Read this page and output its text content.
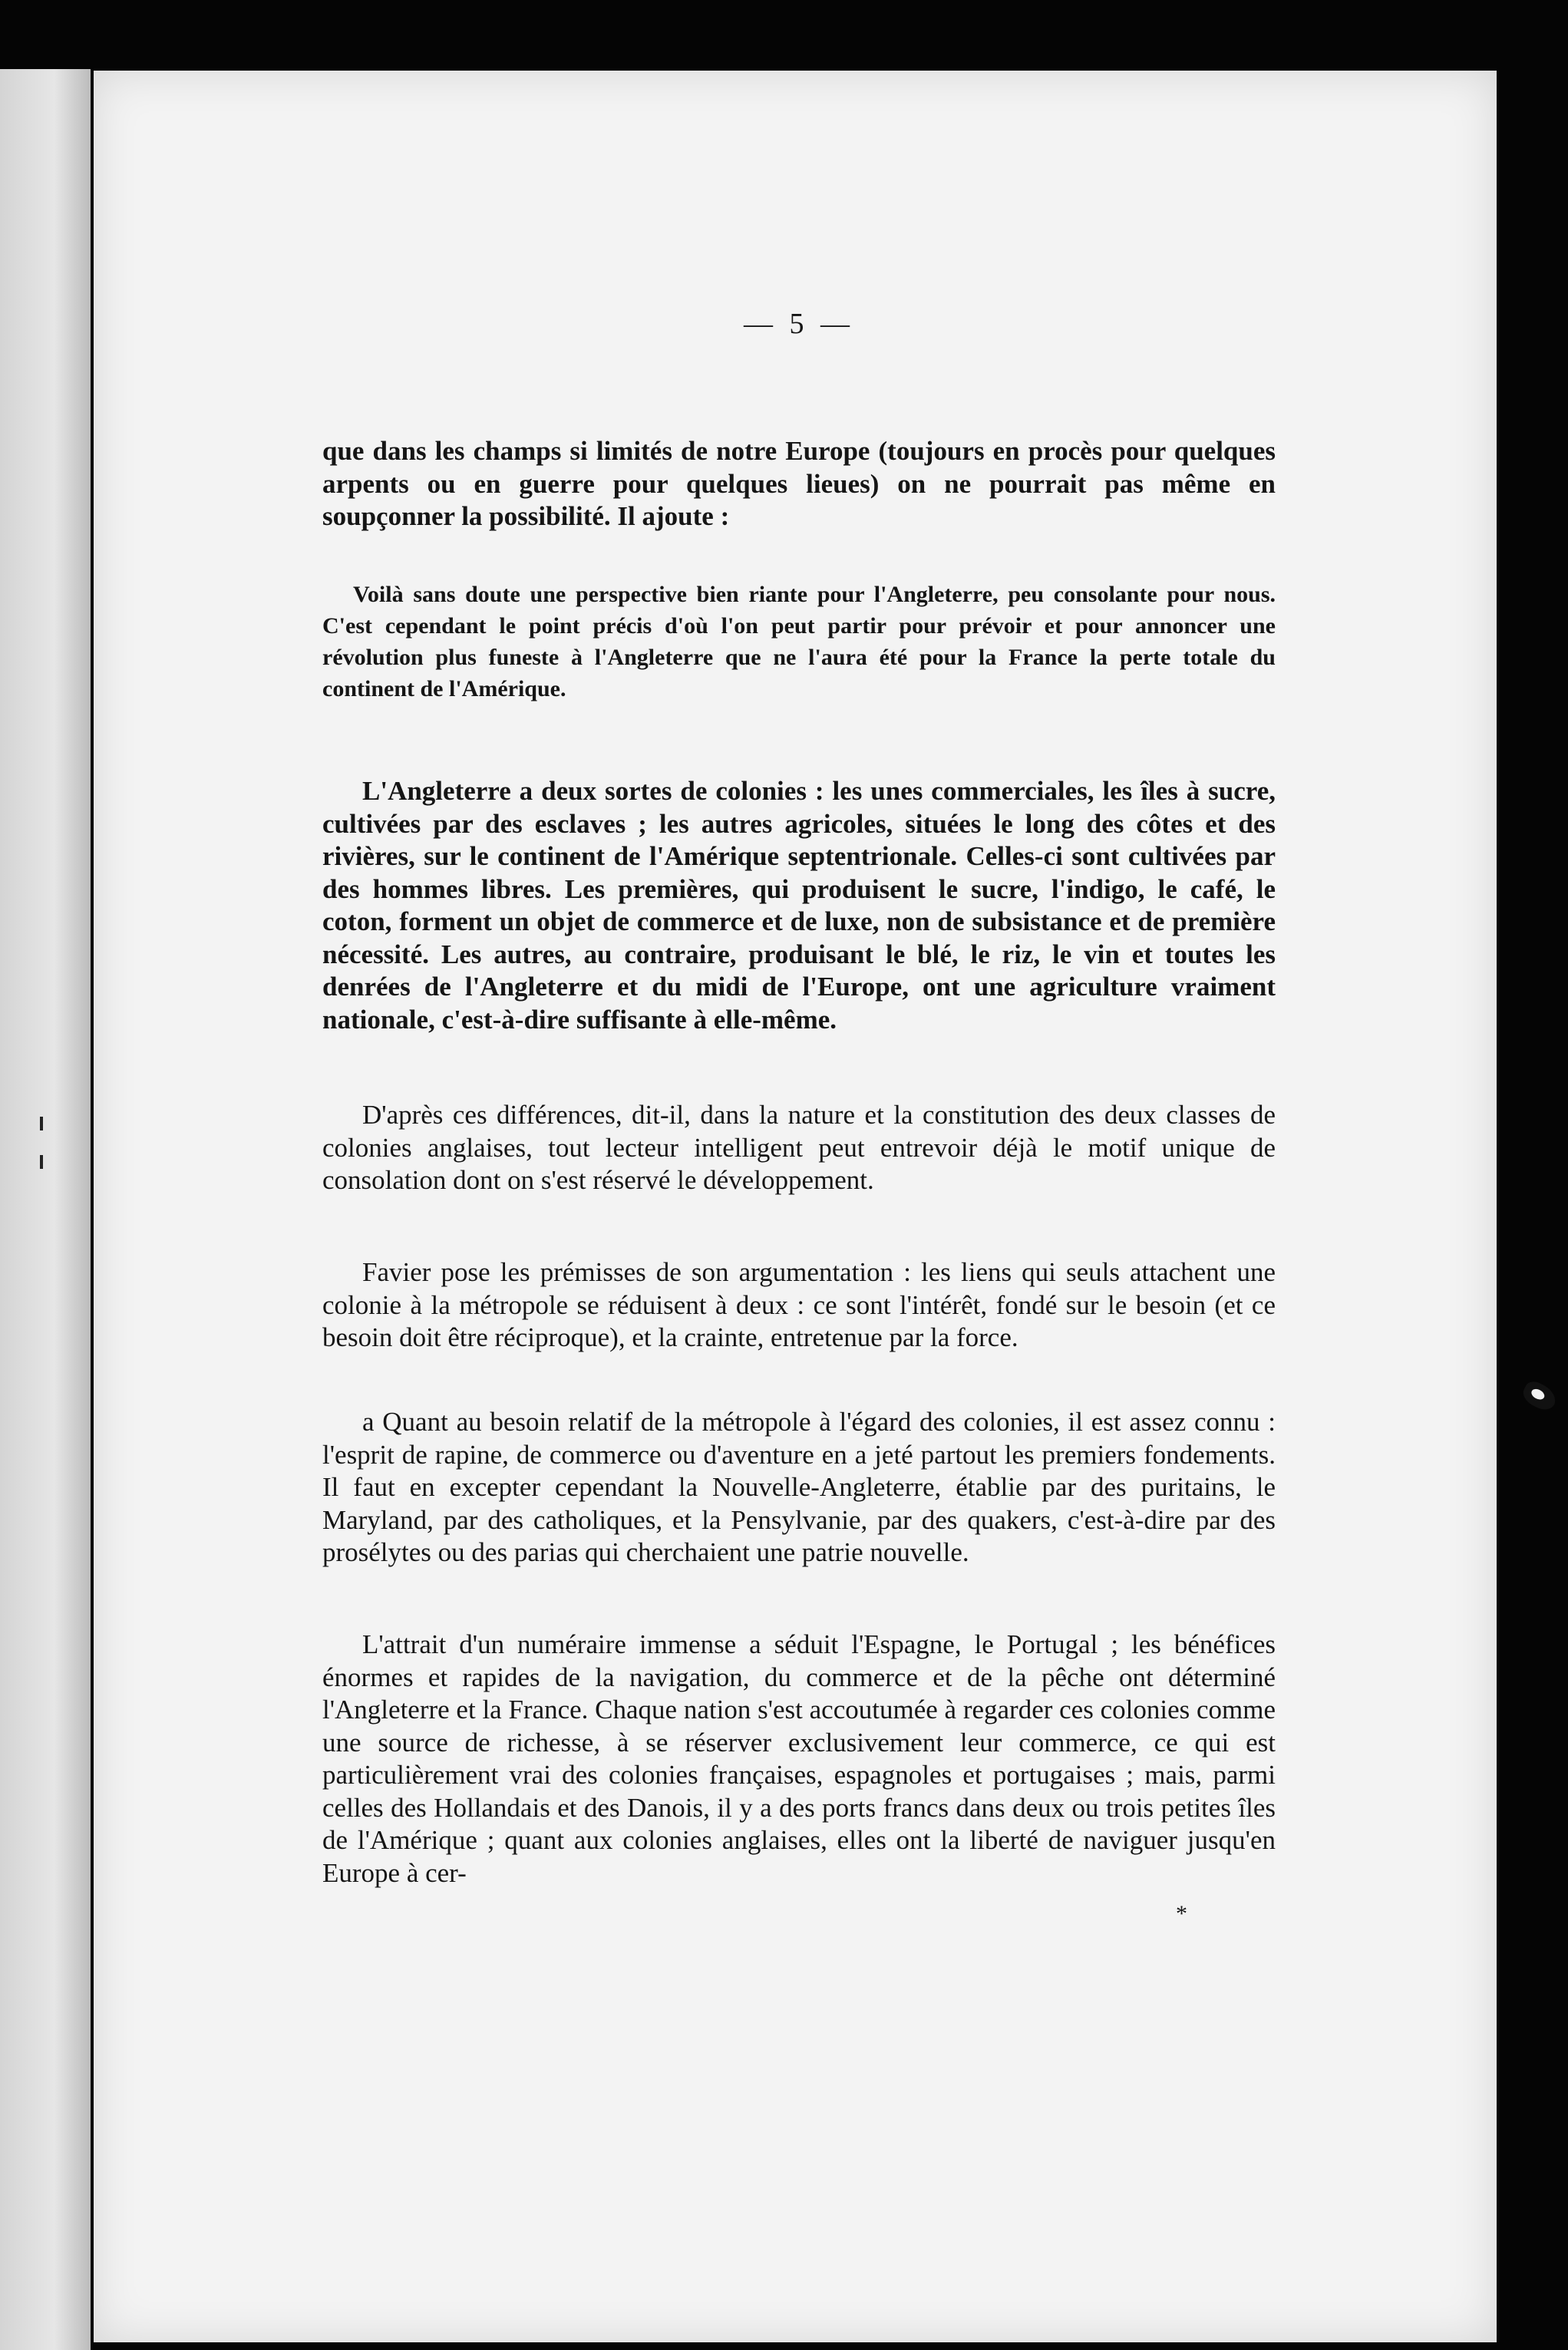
— 5 —

que dans les champs si limités de notre Europe (toujours en procès pour quelques arpents ou en guerre pour quelques lieues) on ne pourrait pas même en soupçonner la possibilité. Il ajoute :

Voilà sans doute une perspective bien riante pour l'Angleterre, peu consolante pour nous. C'est cependant le point précis d'où l'on peut partir pour prévoir et pour annoncer une révolution plus funeste à l'Angleterre que ne l'aura été pour la France la perte totale du continent de l'Amérique.

L'Angleterre a deux sortes de colonies : les unes commerciales, les îles à sucre, cultivées par des esclaves ; les autres agricoles, situées le long des côtes et des rivières, sur le continent de l'Amérique septentrionale. Celles-ci sont cultivées par des hommes libres. Les premières, qui produisent le sucre, l'indigo, le café, le coton, forment un objet de commerce et de luxe, non de subsistance et de première nécessité. Les autres, au contraire, produisant le blé, le riz, le vin et toutes les denrées de l'Angleterre et du midi de l'Europe, ont une agriculture vraiment nationale, c'est-à-dire suffisante à elle-même.

D'après ces différences, dit-il, dans la nature et la constitution des deux classes de colonies anglaises, tout lecteur intelligent peut entrevoir déjà le motif unique de consolation dont on s'est réservé le développement.

Favier pose les prémisses de son argumentation : les liens qui seuls attachent une colonie à la métropole se réduisent à deux : ce sont l'intérêt, fondé sur le besoin (et ce besoin doit être réciproque), et la crainte, entretenue par la force.

a Quant au besoin relatif de la métropole à l'égard des colonies, il est assez connu : l'esprit de rapine, de commerce ou d'aventure en a jeté partout les premiers fondements. Il faut en excepter cependant la Nouvelle-Angleterre, établie par des puritains, le Maryland, par des catholiques, et la Pensylvanie, par des quakers, c'est-à-dire par des prosélytes ou des parias qui cherchaient une patrie nouvelle.

L'attrait d'un numéraire immense a séduit l'Espagne, le Portugal ; les bénéfices énormes et rapides de la navigation, du commerce et de la pêche ont déterminé l'Angleterre et la France. Chaque nation s'est accoutumée à regarder ces colonies comme une source de richesse, à se réserver exclusivement leur commerce, ce qui est particulièrement vrai des colonies françaises, espagnoles et portugaises ; mais, parmi celles des Hollandais et des Danois, il y a des ports francs dans deux ou trois petites îles de l'Amérique ; quant aux colonies anglaises, elles ont la liberté de naviguer jusqu'en Europe à cer-

*
